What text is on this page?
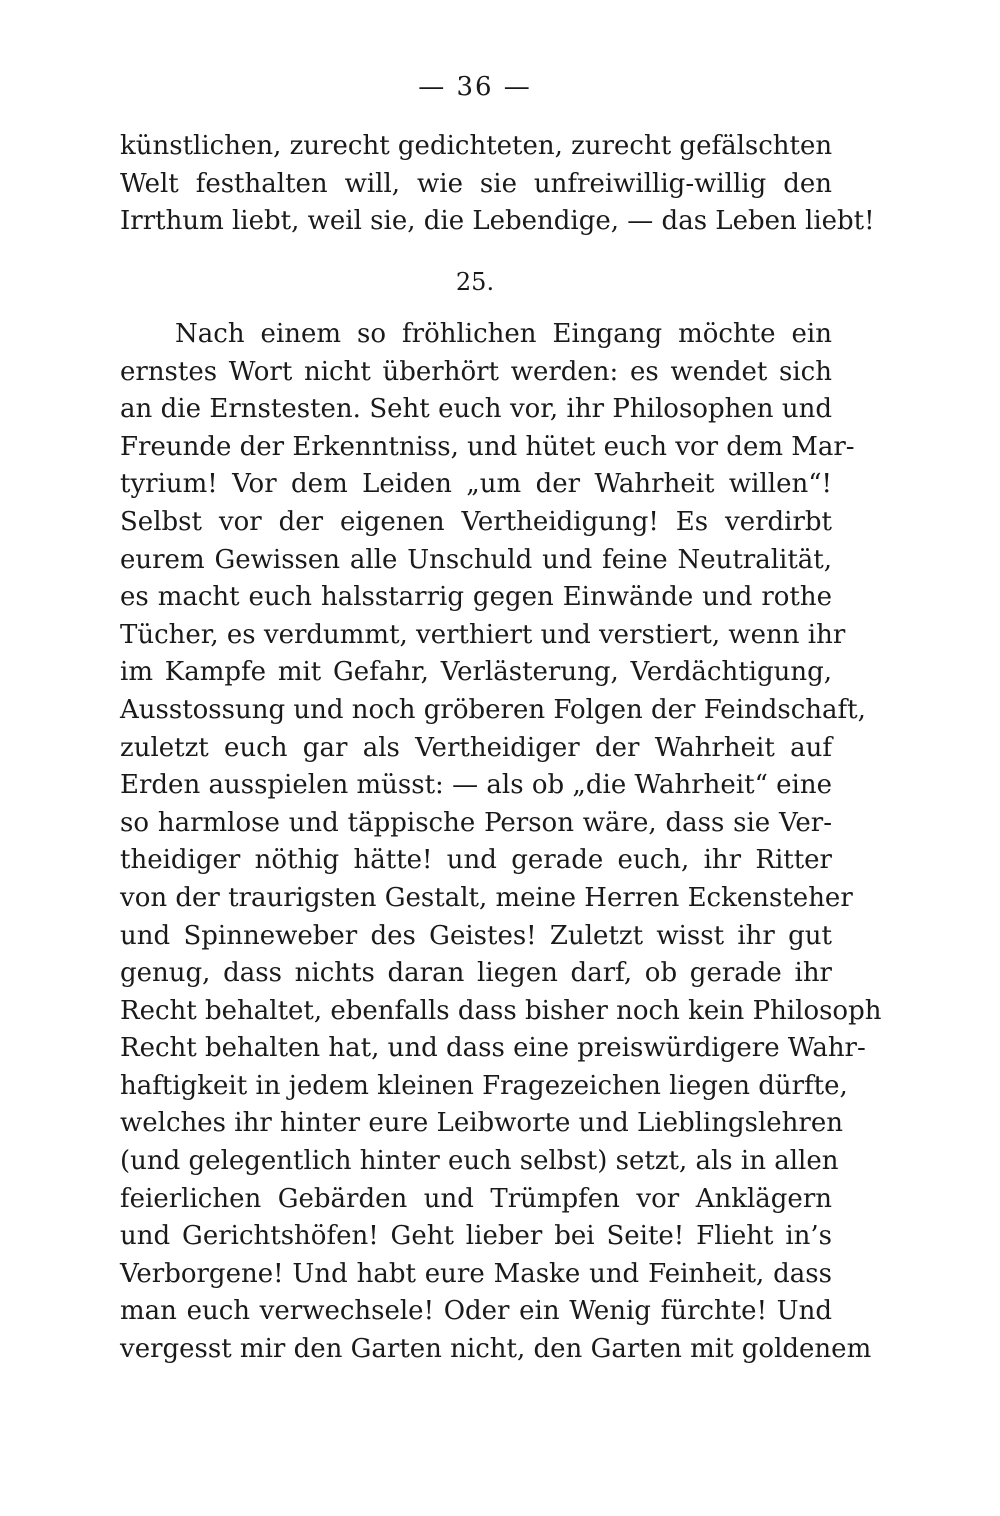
— 36 —
künstlichen, zurecht gedichteten, zurecht gefälschten
Welt festhalten will, wie sie unfreiwillig-willig den
Irrthum liebt, weil sie, die Lebendige, — das Leben liebt!
25.
Nach einem so fröhlichen Eingang möchte ein
ernstes Wort nicht überhört werden: es wendet sich
an die Ernstesten. Seht euch vor, ihr Philosophen und
Freunde der Erkenntniss, und hütet euch vor dem Mar-
tyrium! Vor dem Leiden „um der Wahrheit willen“!
Selbst vor der eigenen Vertheidigung! Es verdirbt
eurem Gewissen alle Unschuld und feine Neutralität,
es macht euch halsstarrig gegen Einwände und rothe
Tücher, es verdummt, verthiert und verstiert, wenn ihr
im Kampfe mit Gefahr, Verlästerung, Verdächtigung,
Ausstossung und noch gröberen Folgen der Feindschaft,
zuletzt euch gar als Vertheidiger der Wahrheit auf
Erden ausspielen müsst: — als ob „die Wahrheit“ eine
so harmlose und täppische Person wäre, dass sie Ver-
theidiger nöthig hätte! und gerade euch, ihr Ritter
von der traurigsten Gestalt, meine Herren Eckensteher
und Spinneweber des Geistes! Zuletzt wisst ihr gut
genug, dass nichts daran liegen darf, ob gerade ihr
Recht behaltet, ebenfalls dass bisher noch kein Philosoph
Recht behalten hat, und dass eine preiswürdigere Wahr-
haftigkeit in jedem kleinen Fragezeichen liegen dürfte,
welches ihr hinter eure Leibworte und Lieblingslehren
(und gelegentlich hinter euch selbst) setzt, als in allen
feierlichen Gebärden und Trümpfen vor Anklägern
und Gerichtshöfen! Geht lieber bei Seite! Flieht in’s
Verborgene! Und habt eure Maske und Feinheit, dass
man euch verwechsele! Oder ein Wenig fürchte! Und
vergesst mir den Garten nicht, den Garten mit goldenem
